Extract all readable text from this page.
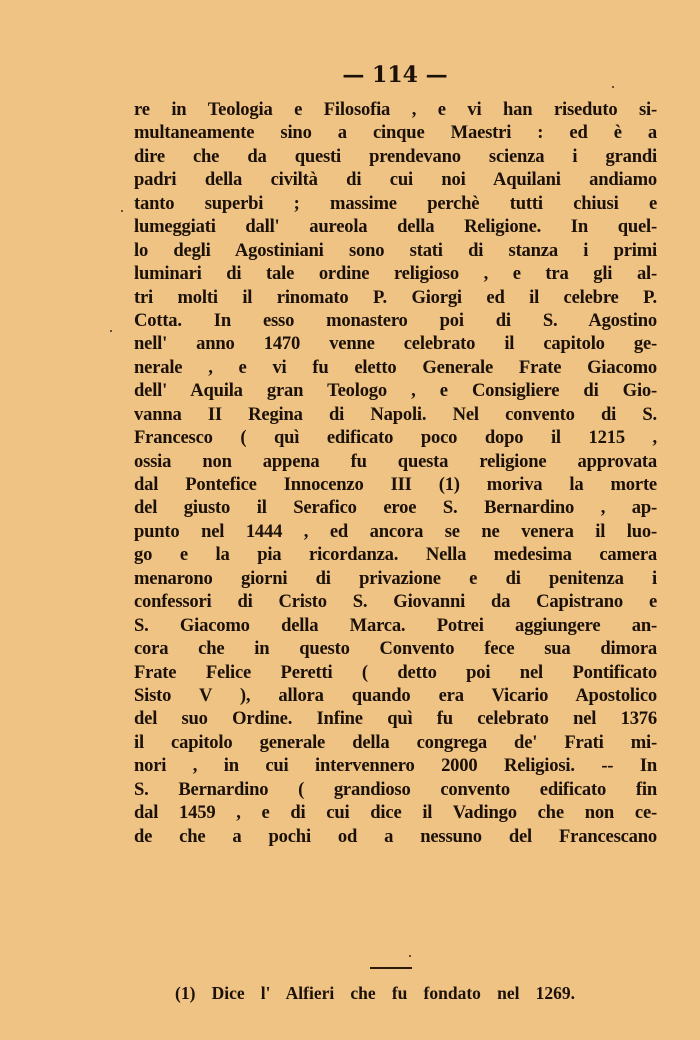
— 114 —
re in Teologia e Filosofia , e vi han riseduto si-
multaneamente sino a cinque Maestri : ed è a
dire che da questi prendevano scienza i grandi
padri della civiltà di cui noi Aquilani andiamo
tanto superbi ; massime perchè tutti chiusi e
lumeggiati dall' aureola della Religione. In quel-
lo degli Agostiniani sono stati di stanza i primi
luminari di tale ordine religioso , e tra gli al-
tri molti il rinomato P. Giorgi ed il celebre P.
Cotta. In esso monastero poi di S. Agostino
nell' anno 1470 venne celebrato il capitolo ge-
nerale , e vi fu eletto Generale Frate Giacomo
dell' Aquila gran Teologo , e Consigliere di Gio-
vanna II Regina di Napoli. Nel convento di S.
Francesco ( quì edificato poco dopo il 1215 ,
ossia non appena fu questa religione approvata
dal Pontefice Innocenzo III (1) moriva la morte
del giusto il Serafico eroe S. Bernardino , ap-
punto nel 1444 , ed ancora se ne venera il luo-
go e la pia ricordanza. Nella medesima camera
menarono giorni di privazione e di penitenza i
confessori di Cristo S. Giovanni da Capistrano e
S. Giacomo della Marca. Potrei aggiungere an-
cora che in questo Convento fece sua dimora
Frate Felice Peretti ( detto poi nel Pontificato
Sisto V ), allora quando era Vicario Apostolico
del suo Ordine. Infine quì fu celebrato nel 1376
il capitolo generale della congrega de' Frati mi-
nori , in cui intervennero 2000 Religiosi. -- In
S. Bernardino ( grandioso convento edificato fin
dal 1459 , e di cui dice il Vadingo che non ce-
de che a pochi od a nessuno del Francescano
(1) Dice l' Alfieri che fu fondato nel 1269.
